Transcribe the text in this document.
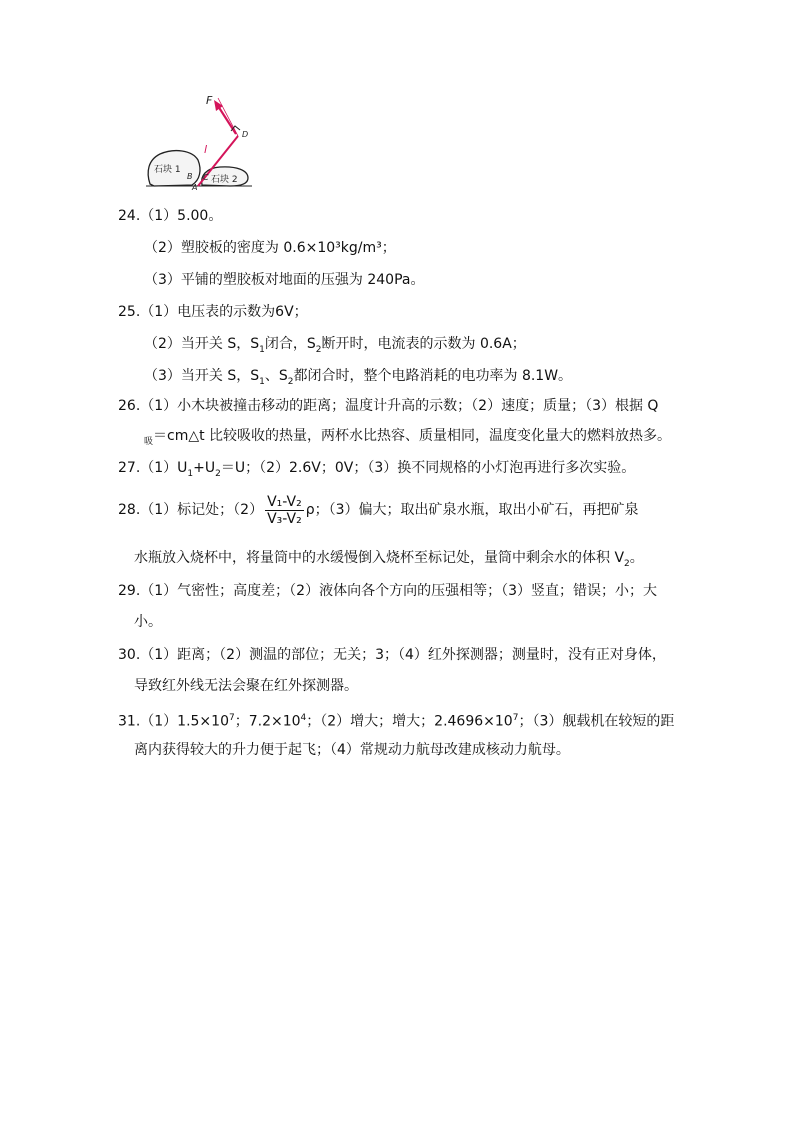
F
l
D
B
A
C
石块 1
石块 2
24.（1）5.00。
（2）塑胶板的密度为 0.6×10³kg/m³；
（3）平铺的塑胶板对地面的压强为 240Pa。
25.（1）电压表的示数为6V；
（2）当开关 S，$S_1$闭合，$S_2$断开时，电流表的示数为 0.6A；
（3）当开关 S，$S_1$、$S_2$都闭合时，整个电路消耗的电功率为 8.1W。
26.（1）小木块被撞击移动的距离；温度计升高的示数；（2）速度；质量；（3）根据 Q
$_吸$＝cm△t 比较吸收的热量，两杯水比热容、质量相同，温度变化量大的燃料放热多。
$27.(1)U_1+U_2=U$；（2）2.6V；0V；（3）换不同规格的小灯泡再进行多次实验。
28.（1）标记处；$(2) \frac{\text{V₁-V₂}}{\text{V₃-V₂}}$ ρ；（3）偏大；取出矿泉水瓶，取出小矿石，再把矿泉
水瓶放入烧杯中，将量筒中的水缓慢倒入烧杯至标记处，量筒中剩余水的体积 $V_2$。
29.（1）气密性；高度差；（2）液体向各个方向的压强相等；（3）竖直；错误；小；大
小。
30.（1）距离；（2）测温的部位；无关；3；（4）红外探测器；测量时，没有正对身体，
导致红外线无法会聚在红外探测器。
$31.(1)1.5\times 10^7$；$7.2\times 10^4$；（2）增大；增大；$2.4696\times 10^7$；（3）舰载机在较短的距
离内获得较大的升力便于起飞；（4）常规动力航母改建成核动力航母。
